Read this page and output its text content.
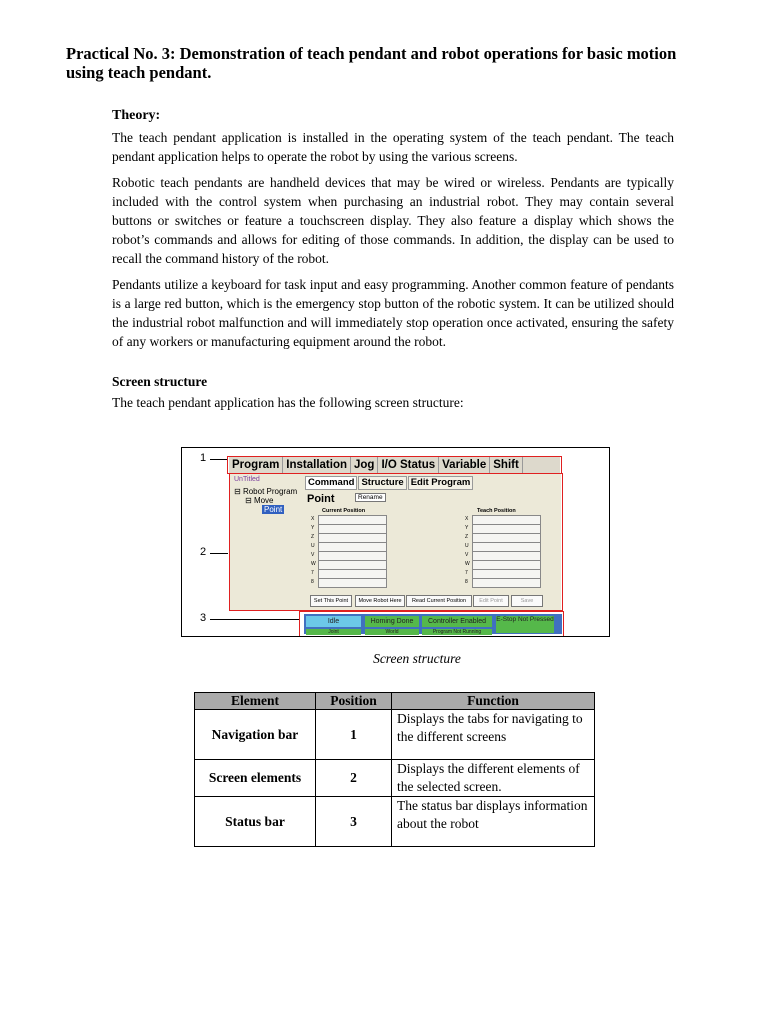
Practical No. 3: Demonstration of teach pendant and robot operations for basic motion using teach pendant.
Theory:
The teach pendant application is installed in the operating system of the teach pendant. The teach pendant application helps to operate the robot by using the various screens.
Robotic teach pendants are handheld devices that may be wired or wireless. Pendants are typically included with the control system when purchasing an industrial robot. They may contain several buttons or switches or feature a touchscreen display. They also feature a display which shows the robot’s commands and allows for editing of those commands. In addition, the display can be used to recall the command history of the robot.
Pendants utilize a keyboard for task input and easy programming. Another common feature of pendants is a large red button, which is the emergency stop button of the robotic system. It can be utilized should the industrial robot malfunction and will immediately stop operation once activated, ensuring the safety of any workers or manufacturing equipment around the robot.
Screen structure
The teach pendant application has the following screen structure:
1
2
3
Program Installation Jog I/O Status Variable Shift
UnTitled
⊟ Robot Program
⊟ Move
Point
Command Structure Edit Program
Point	Rename
Current Position	Teach Position
X
Y
Z
U
V
W
7
8
X
Y
Z
U
V
W
7
8
Set This Point	Move Robot Here	Read Current Position	Edit Point	Save
Idle	Homing Done	Controller Enabled	E-Stop Not Pressed
Joint	World	Program Not Running
Screen structure
Element	Position	Function
Navigation bar	1	Displays the tabs for navigating to the different screens
Screen elements	2	Displays the different elements of the selected screen.
Status bar	3	The status bar displays information about the robot
